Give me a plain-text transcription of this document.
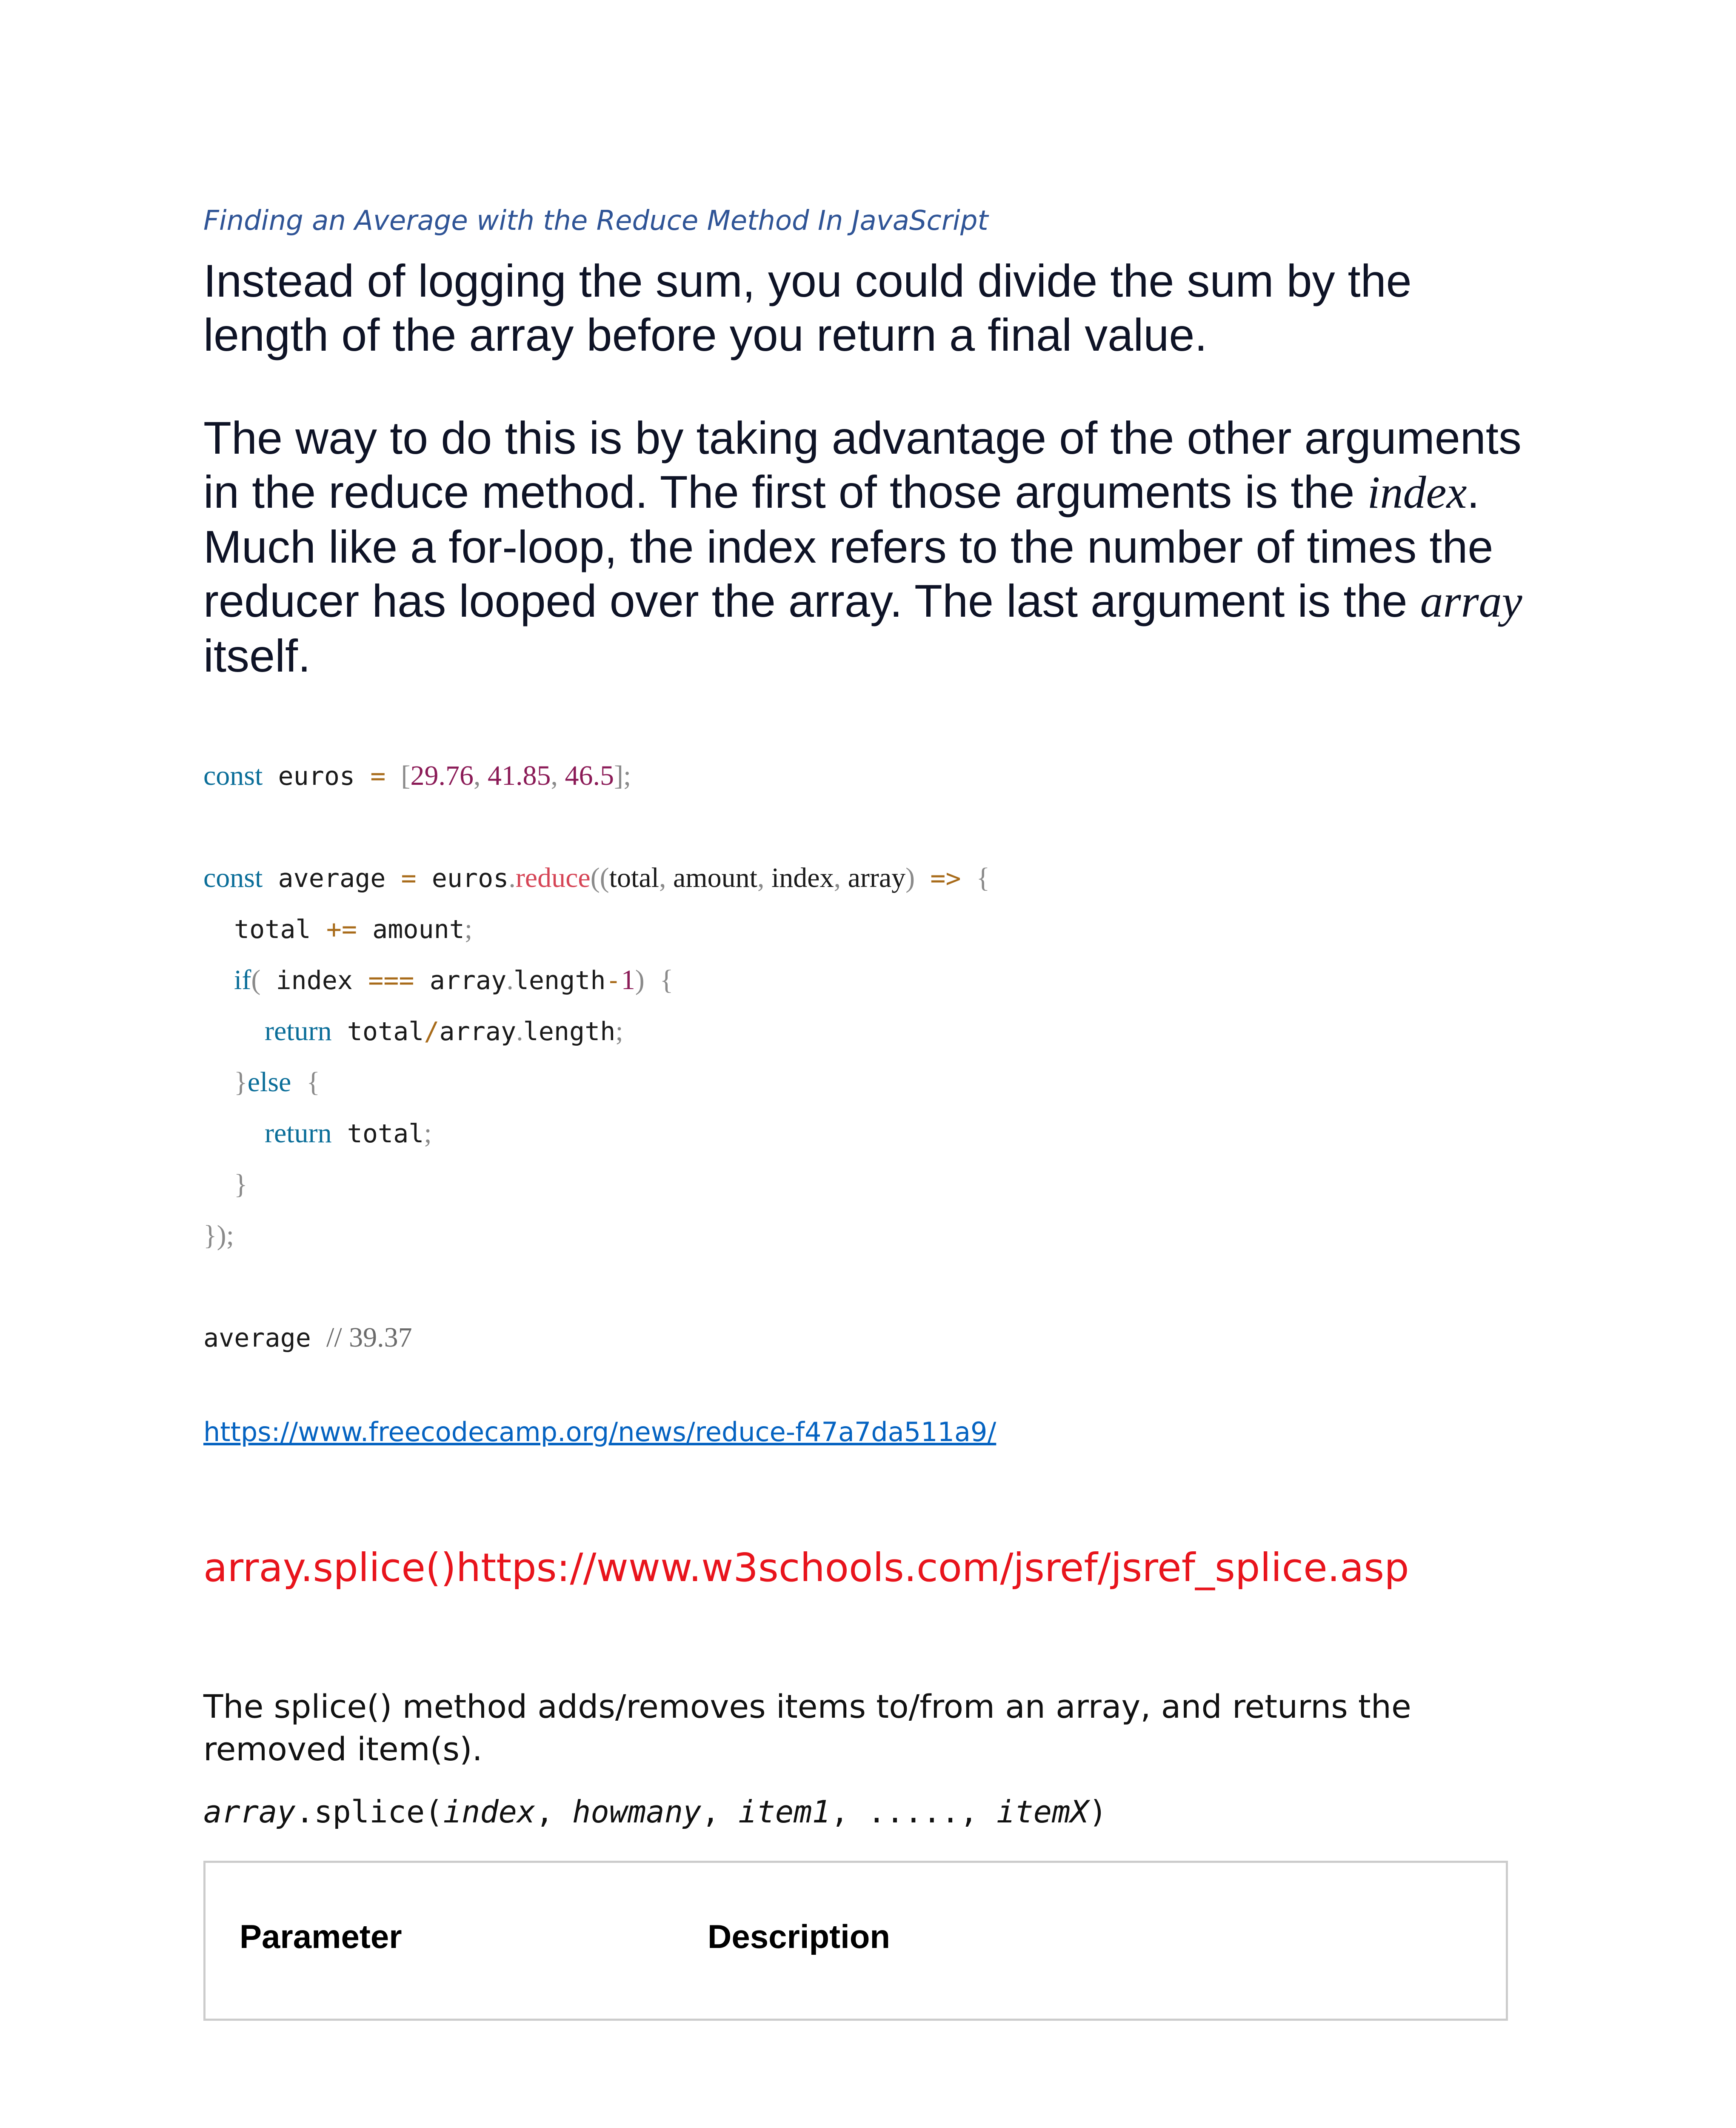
Finding an Average with the Reduce Method In JavaScript

Instead of logging the sum, you could divide the sum by the length of the array before you return a final value.

The way to do this is by taking advantage of the other arguments in the reduce method. The first of those arguments is the index. Much like a for-loop, the index refers to the number of times the reducer has looped over the array. The last argument is the array itself.

const euros = [29.76, 41.85, 46.5];
const average = euros.reduce((total, amount, index, array) => {
total += amount;
if( index === array.length-1) {
return total/array.length;
}else {
return total;
}
});
average // 39.37
https://www.freecodecamp.org/news/reduce-f47a7da511a9/
array.splice()https://www.w3schools.com/jsref/jsref_splice.asp

The splice() method adds/removes items to/from an array, and returns the removed item(s).

array.splice(index, howmany, item1, ....., itemX)
Parameter	Description
